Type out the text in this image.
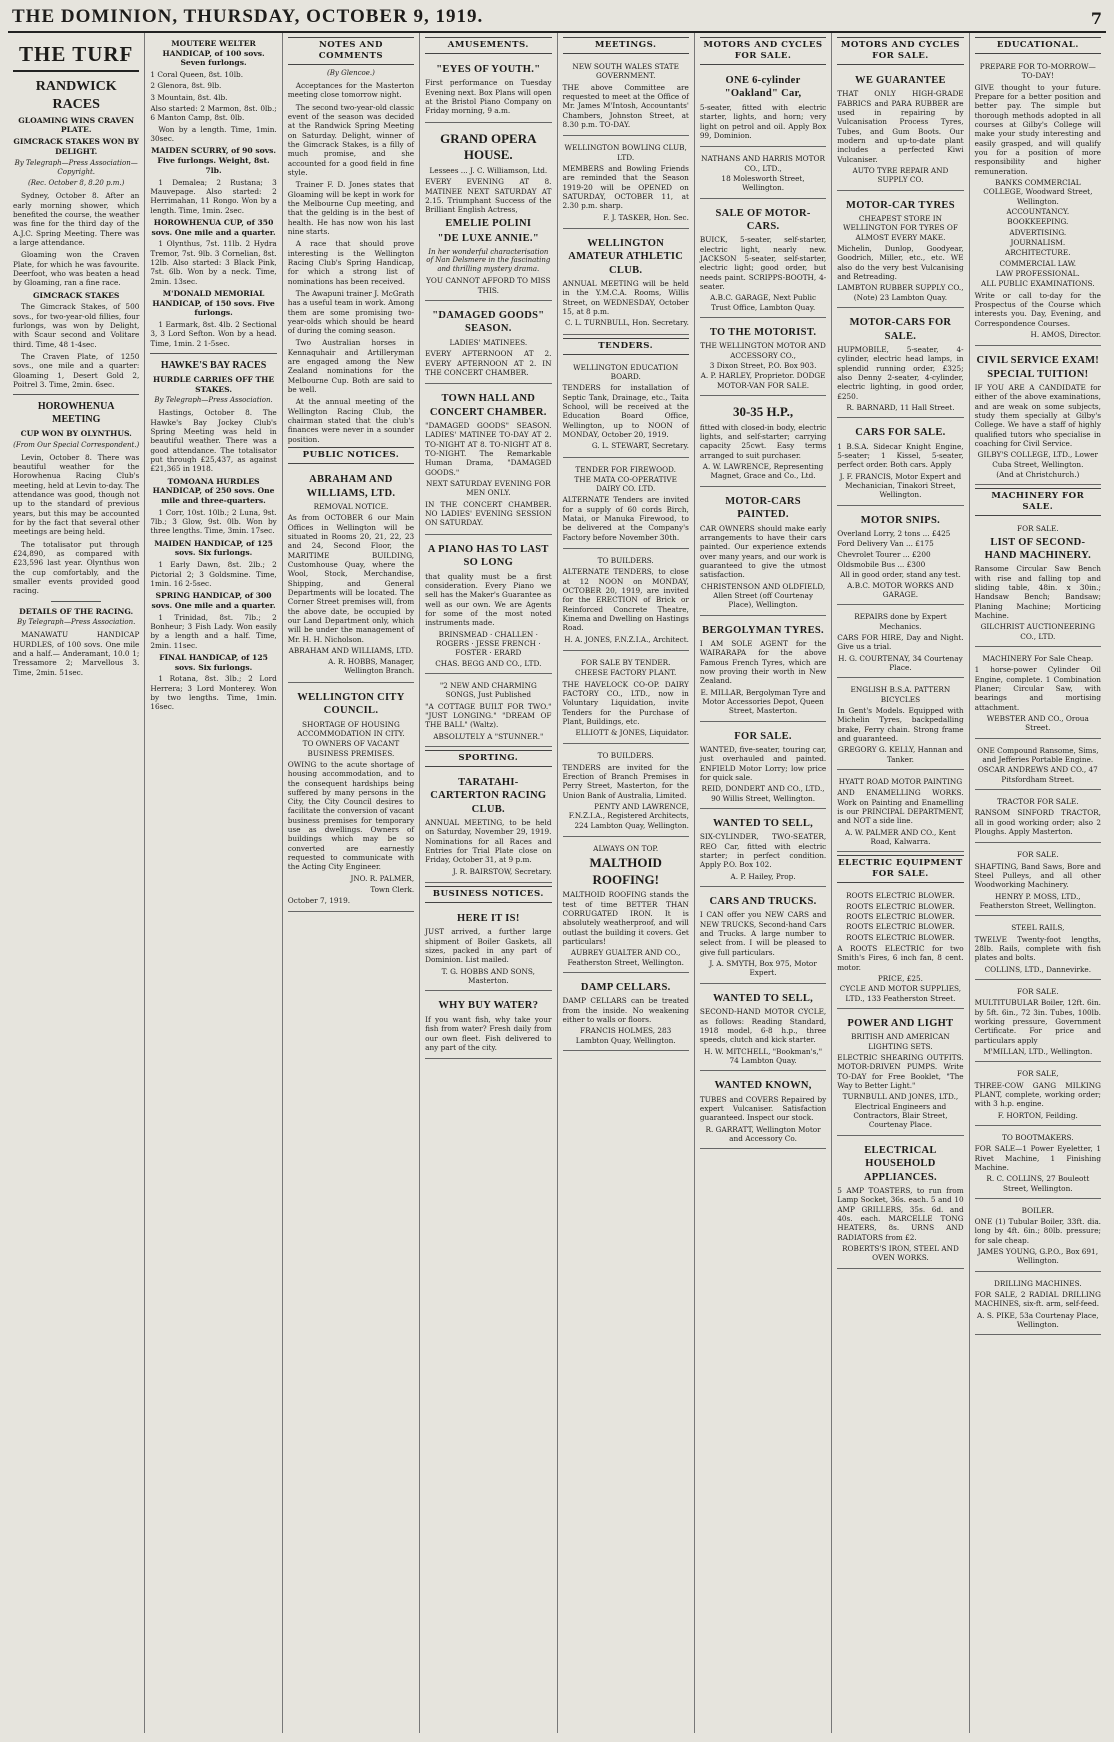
THE DOMINION, THURSDAY, OCTOBER 9, 1919.	7
THE TURF
RANDWICK RACES
GLOAMING WINS CRAVEN PLATE.
GIMCRACK STAKES WON BY DELIGHT.
By Telegraph—Press Association—Copyright.
(Rec. October 8, 8.20 p.m.)

Sydney, October 8. After an early morning shower, which benefited the course, the weather was fine for the third day of the A.J.C. Spring Meeting. There was a large attendance.

Gloaming won the Craven Plate, for which he was favourite. Deerfoot, who was beaten a head by Gloaming, ran a fine race.

GIMCRACK STAKES

The Gimcrack Stakes, of 500 sovs., for two-year-old fillies, four furlongs, was won by Delight, with Scaur second and Volitare third. Time, 48 1-4sec.

The Craven Plate, of 1250 sovs., one mile and a quarter: Gloaming 1, Desert Gold 2, Poitrel 3. Time, 2min. 6sec.

HOROWHENUA MEETING
CUP WON BY OLYNTHUS.
(From Our Special Correspondent.)

Levin, October 8. There was beautiful weather for the Horowhenua Racing Club's meeting, held at Levin to-day. The attendance was good, though not up to the standard of previous years, but this may be accounted for by the fact that several other meetings are being held.

The totalisator put through £24,890, as compared with £23,596 last year. Olynthus won the cup comfortably, and the smaller events provided good racing.

DETAILS OF THE RACING.
By Telegraph—Press Association.

MANAWATU HANDICAP HURDLES, of 100 sovs. One mile and a half.— Anderamant, 10.0 1; Tressamore 2; Marvellous 3. Time, 2min. 51sec.

MOUTERE WELTER HANDICAP, of 100 sovs. Seven furlongs.
1 Coral Queen, 8st. 10lb.
2 Glenora, 8st. 9lb.
3 Mountain, 8st. 4lb.
Also started: 2 Marmon, 8st. 0lb.; 6 Manton Camp, 8st. 0lb.

Won by a length. Time, 1min. 30sec.

MAIDEN SCURRY, of 90 sovs. Five furlongs. Weight, 8st. 7lb.

1 Demalea; 2 Rustana; 3 Mauvepage. Also started: 2 Herrimahan, 11 Rongo. Won by a length. Time, 1min. 2sec.

HOROWHENUA CUP, of 350 sovs. One mile and a quarter.

1 Olynthus, 7st. 11lb. 2 Hydra Tremor, 7st. 9lb. 3 Cornelian, 8st. 12lb. Also started: 3 Black Pink, 7st. 6lb. Won by a neck. Time, 2min. 13sec.

M'DONALD MEMORIAL HANDICAP, of 150 sovs. Five furlongs.

1 Earmark, 8st. 4lb. 2 Sectional 3, 3 Lord Sefton. Won by a head. Time, 1min. 2 1-5sec.

HAWKE'S BAY RACES
HURDLE CARRIES OFF THE STAKES.
By Telegraph—Press Association.

Hastings, October 8. The Hawke's Bay Jockey Club's Spring Meeting was held in beautiful weather. There was a good attendance. The totalisator put through £25,437, as against £21,365 in 1918.

TOMOANA HURDLES HANDICAP, of 250 sovs. One mile and three-quarters.

1 Corr, 10st. 10lb.; 2 Luna, 9st. 7lb.; 3 Glow, 9st. 0lb. Won by three lengths. Time, 3min. 17sec.

MAIDEN HANDICAP, of 125 sovs. Six furlongs.

1 Early Dawn, 8st. 2lb.; 2 Pictorial 2; 3 Goldsmine. Time, 1min. 16 2-5sec.

SPRING HANDICAP, of 300 sovs. One mile and a quarter.

1 Trinidad, 8st. 7lb.; 2 Bonheur; 3 Fish Lady. Won easily by a length and a half. Time, 2min. 11sec.

FINAL HANDICAP, of 125 sovs. Six furlongs.

1 Rotana, 8st. 3lb.; 2 Lord Herrera; 3 Lord Monterey. Won by two lengths. Time, 1min. 16sec.

NOTES AND COMMENTS
(By Glencoe.)

Acceptances for the Masterton meeting close tomorrow night.

The second two-year-old classic event of the season was decided at the Randwick Spring Meeting on Saturday. Delight, winner of the Gimcrack Stakes, is a filly of much promise, and she accounted for a good field in fine style.

Trainer F. D. Jones states that Gloaming will be kept in work for the Melbourne Cup meeting, and that the gelding is in the best of health. He has now won his last nine starts.

A race that should prove interesting is the Wellington Racing Club's Spring Handicap, for which a strong list of nominations has been received.

The Awapuni trainer J. McGrath has a useful team in work. Among them are some promising two-year-olds which should be heard of during the coming season.

Two Australian horses in Kennaquhair and Artilleryman are engaged among the New Zealand nominations for the Melbourne Cup. Both are said to be well.

At the annual meeting of the Wellington Racing Club, the chairman stated that the club's finances were never in a sounder position.

PUBLIC NOTICES.
ABRAHAM AND WILLIAMS, LTD.
REMOVAL NOTICE.
As from OCTOBER 6 our Main Offices in Wellington will be situated in Rooms 20, 21, 22, 23 and 24, Second Floor, the MARITIME BUILDING, Customhouse Quay, where the Wool, Stock, Merchandise, Shipping, and General Departments will be located. The Corner Street premises will, from the above date, be occupied by our Land Department only, which will be under the management of Mr. H. H. Nicholson.
ABRAHAM AND WILLIAMS, LTD.
A. R. HOBBS, Manager, Wellington Branch.
WELLINGTON CITY COUNCIL.
SHORTAGE OF HOUSING ACCOMMODATION IN CITY.
TO OWNERS OF VACANT BUSINESS PREMISES.
OWING to the acute shortage of housing accommodation, and to the consequent hardships being suffered by many persons in the City, the City Council desires to facilitate the conversion of vacant business premises for temporary use as dwellings. Owners of buildings which may be so converted are earnestly requested to communicate with the Acting City Engineer.
JNO. R. PALMER,
Town Clerk.
October 7, 1919.
AMUSEMENTS.
"EYES OF YOUTH."
First performance on Tuesday Evening next. Box Plans will open at the Bristol Piano Company on Friday morning, 9 a.m.
GRAND OPERA HOUSE.
Lessees ... J. C. Williamson, Ltd.
EVERY EVENING AT 8. MATINEE NEXT SATURDAY AT 2.15. Triumphant Success of the Brilliant English Actress,
EMELIE POLINI
"DE LUXE ANNIE."
In her wonderful characterisation of Nan Delsmere in the fascinating and thrilling mystery drama.
YOU CANNOT AFFORD TO MISS THIS.
"DAMAGED GOODS" SEASON.
LADIES' MATINEES.
EVERY AFTERNOON AT 2. EVERY AFTERNOON AT 2. IN THE CONCERT CHAMBER.
TOWN HALL AND CONCERT CHAMBER.
"DAMAGED GOODS" SEASON. LADIES' MATINEE TO-DAY AT 2. TO-NIGHT AT 8. TO-NIGHT AT 8. TO-NIGHT. The Remarkable Human Drama, "DAMAGED GOODS."
NEXT SATURDAY EVENING FOR MEN ONLY.
IN THE CONCERT CHAMBER. NO LADIES' EVENING SESSION ON SATURDAY.
A PIANO HAS TO LAST SO LONG
that quality must be a first consideration. Every Piano we sell has the Maker's Guarantee as well as our own. We are Agents for some of the most noted instruments made.
BRINSMEAD · CHALLEN · ROGERS · JESSE FRENCH · FOSTER · ERARD
CHAS. BEGG AND CO., LTD.
"2 NEW AND CHARMING SONGS, Just Published
"A COTTAGE BUILT FOR TWO." "JUST LONGING." "DREAM OF THE BALL" (Waltz).
ABSOLUTELY A "STUNNER."
SPORTING.
TARATAHI-CARTERTON RACING CLUB.
ANNUAL MEETING, to be held on Saturday, November 29, 1919. Nominations for all Races and Entries for Trial Plate close on Friday, October 31, at 9 p.m.
J. R. BAIRSTOW, Secretary.
BUSINESS NOTICES.
HERE IT IS!
JUST arrived, a further large shipment of Boiler Gaskets, all sizes, packed in any part of Dominion. List mailed.
T. G. HOBBS AND SONS, Masterton.
WHY BUY WATER?
If you want fish, why take your fish from water? Fresh daily from our own fleet. Fish delivered to any part of the city.
MEETINGS.
NEW SOUTH WALES STATE GOVERNMENT.
THE above Committee are requested to meet at the Office of Mr. James M'Intosh, Accountants' Chambers, Johnston Street, at 8.30 p.m. TO-DAY.
WELLINGTON BOWLING CLUB, LTD.
MEMBERS and Bowling Friends are reminded that the Season 1919-20 will be OPENED on SATURDAY, OCTOBER 11, at 2.30 p.m. sharp.
F. J. TASKER, Hon. Sec.
WELLINGTON AMATEUR ATHLETIC CLUB.
ANNUAL MEETING will be held in the Y.M.C.A. Rooms, Willis Street, on WEDNESDAY, October 15, at 8 p.m.
C. L. TURNBULL, Hon. Secretary.
TENDERS.
WELLINGTON EDUCATION BOARD.
TENDERS for installation of Septic Tank, Drainage, etc., Taita School, will be received at the Education Board Office, Wellington, up to NOON of MONDAY, October 20, 1919.
G. L. STEWART, Secretary.
TENDER FOR FIREWOOD.
THE MATA CO-OPERATIVE DAIRY CO. LTD.
ALTERNATE Tenders are invited for a supply of 60 cords Birch, Matai, or Manuka Firewood, to be delivered at the Company's Factory before November 30th.
TO BUILDERS.
ALTERNATE TENDERS, to close at 12 NOON on MONDAY, OCTOBER 20, 1919, are invited for the ERECTION of Brick or Reinforced Concrete Theatre, Kinema and Dwelling on Hastings Road.
H. A. JONES, F.N.Z.I.A., Architect.
FOR SALE BY TENDER.
CHEESE FACTORY PLANT.
THE HAVELOCK CO-OP. DAIRY FACTORY CO., LTD., now in Voluntary Liquidation, invite Tenders for the Purchase of Plant, Buildings, etc.
ELLIOTT & JONES, Liquidator.
TO BUILDERS.
TENDERS are invited for the Erection of Branch Premises in Perry Street, Masterton, for the Union Bank of Australia, Limited.
PENTY AND LAWRENCE, F.N.Z.I.A., Registered Architects, 224 Lambton Quay, Wellington.
ALWAYS ON TOP.
MALTHOID ROOFING!
MALTHOID ROOFING stands the test of time BETTER THAN CORRUGATED IRON. It is absolutely weatherproof, and will outlast the building it covers. Get particulars!
AUBREY GUALTER AND CO., Featherston Street, Wellington.
DAMP CELLARS.
DAMP CELLARS can be treated from the inside. No weakening either to walls or floors.
FRANCIS HOLMES, 283 Lambton Quay, Wellington.
MOTORS AND CYCLES FOR SALE.
ONE 6-cylinder "Oakland" Car,
5-seater, fitted with electric starter, lights, and horn; very light on petrol and oil. Apply Box 99, Dominion.
NATHANS AND HARRIS MOTOR CO., LTD.,
18 Molesworth Street, Wellington.
SALE OF MOTOR-CARS.
BUICK, 5-seater, self-starter, electric light, nearly new. JACKSON 5-seater, self-starter, electric light; good order, but needs paint. SCRIPPS-BOOTH, 4-seater.
A.B.C. GARAGE, Next Public Trust Office, Lambton Quay.
TO THE MOTORIST.
THE WELLINGTON MOTOR AND ACCESSORY CO.,
3 Dixon Street, P.O. Box 903.
A. P. HARLEY, Proprietor. DODGE MOTOR-VAN FOR SALE.
30-35 H.P.,
fitted with closed-in body, electric lights, and self-starter; carrying capacity 25cwt. Easy terms arranged to suit purchaser.
A. W. LAWRENCE, Representing Magnet, Grace and Co., Ltd.
MOTOR-CARS PAINTED.
CAR OWNERS should make early arrangements to have their cars painted. Our experience extends over many years, and our work is guaranteed to give the utmost satisfaction.
CHRISTENSON AND OLDFIELD, Allen Street (off Courtenay Place), Wellington.
BERGOLYMAN TYRES.
I AM SOLE AGENT for the WAIRARAPA for the above Famous French Tyres, which are now proving their worth in New Zealand.
E. MILLAR, Bergolyman Tyre and Motor Accessories Depot, Queen Street, Masterton.
FOR SALE.
WANTED, five-seater, touring car, just overhauled and painted. ENFIELD Motor Lorry; low price for quick sale.
REID, DONDERT AND CO., LTD., 90 Willis Street, Wellington.
WANTED TO SELL,
SIX-CYLINDER, TWO-SEATER, REO Car, fitted with electric starter; in perfect condition. Apply P.O. Box 102.
A. P. Hailey, Prop.
CARS AND TRUCKS.
I CAN offer you NEW CARS and NEW TRUCKS, Second-hand Cars and Trucks. A large number to select from. I will be pleased to give full particulars.
J. A. SMYTH, Box 975, Motor Expert.
WANTED TO SELL,
SECOND-HAND MOTOR CYCLE, as follows: Reading Standard, 1918 model, 6-8 h.p., three speeds, clutch and kick starter.
H. W. MITCHELL, "Bookman's," 74 Lambton Quay.
WANTED KNOWN,
TUBES and COVERS Repaired by expert Vulcaniser. Satisfaction guaranteed. Inspect our stock.
R. GARRATT, Wellington Motor and Accessory Co.
MOTORS AND CYCLES FOR SALE.
WE GUARANTEE
THAT ONLY HIGH-GRADE FABRICS and PARA RUBBER are used in repairing by Vulcanisation Process Tyres, Tubes, and Gum Boots. Our modern and up-to-date plant includes a perfected Kiwi Vulcaniser.
AUTO TYRE REPAIR AND SUPPLY CO.
MOTOR-CAR TYRES
CHEAPEST STORE IN WELLINGTON FOR TYRES OF ALMOST EVERY MAKE.
Michelin, Dunlop, Goodyear, Goodrich, Miller, etc., etc. WE also do the very best Vulcanising and Retreading.
LAMBTON RUBBER SUPPLY CO., (Note) 23 Lambton Quay.
MOTOR-CARS FOR SALE.
HUPMOBILE, 5-seater, 4-cylinder, electric head lamps, in splendid running order, £325; also Denny 2-seater, 4-cylinder, electric lighting, in good order, £250.
R. BARNARD, 11 Hall Street.
CARS FOR SALE.
1 B.S.A. Sidecar Knight Engine, 5-seater; 1 Kissel, 5-seater, perfect order. Both cars. Apply
J. F. FRANCIS, Motor Expert and Mechanician, Tinakori Street, Wellington.
MOTOR SNIPS.
Overland Lorry, 2 tons ... £425
Ford Delivery Van ... £175
Chevrolet Tourer ... £200
Oldsmobile Bus ... £300
All in good order, stand any test.
A.B.C. MOTOR WORKS AND GARAGE.
REPAIRS done by Expert Mechanics.
CARS FOR HIRE, Day and Night. Give us a trial.
H. G. COURTENAY, 34 Courtenay Place.
ENGLISH B.S.A. PATTERN BICYCLES
In Gent's Models. Equipped with Michelin Tyres, backpedalling brake, Ferry chain. Strong frame and guaranteed.
GREGORY G. KELLY, Hannan and Tanker.
HYATT ROAD MOTOR PAINTING
AND ENAMELLING WORKS. Work on Painting and Enamelling is our PRINCIPAL DEPARTMENT, and NOT a side line.
A. W. PALMER AND CO., Kent Road, Kalwarra.
ELECTRIC EQUIPMENT FOR SALE.
ROOTS ELECTRIC BLOWER.
ROOTS ELECTRIC BLOWER.
ROOTS ELECTRIC BLOWER.
ROOTS ELECTRIC BLOWER.
ROOTS ELECTRIC BLOWER.
A ROOTS ELECTRIC for two Smith's Fires, 6 inch fan, 8 cent. motor.
PRICE, £25.
CYCLE AND MOTOR SUPPLIES, LTD., 133 Featherston Street.
POWER AND LIGHT
BRITISH AND AMERICAN LIGHTING SETS.
ELECTRIC SHEARING OUTFITS. MOTOR-DRIVEN PUMPS. Write TO-DAY for Free Booklet, "The Way to Better Light."
TURNBULL AND JONES, LTD., Electrical Engineers and Contractors, Blair Street, Courtenay Place.
ELECTRICAL HOUSEHOLD APPLIANCES.
5 AMP TOASTERS, to run from Lamp Socket, 36s. each. 5 and 10 AMP GRILLERS, 35s. 6d. and 40s. each. MARCELLE TONG HEATERS, 8s. URNS AND RADIATORS from £2.
ROBERTS'S IRON, STEEL AND OVEN WORKS.
EDUCATIONAL.
PREPARE FOR TO-MORROW— TO-DAY!
GIVE thought to your future. Prepare for a better position and better pay. The simple but thorough methods adopted in all courses at Gilby's College will make your study interesting and easily grasped, and will qualify you for a position of more responsibility and higher remuneration.
BANKS COMMERCIAL COLLEGE, Woodward Street, Wellington.
ACCOUNTANCY.
BOOKKEEPING.
ADVERTISING.
JOURNALISM.
ARCHITECTURE.
COMMERCIAL LAW.
LAW PROFESSIONAL.
ALL PUBLIC EXAMINATIONS.
Write or call to-day for the Prospectus of the Course which interests you. Day, Evening, and Correspondence Courses.
H. AMOS, Director.
CIVIL SERVICE EXAM! SPECIAL TUITION!
IF YOU ARE A CANDIDATE for either of the above examinations, and are weak on some subjects, study them specially at Gilby's College. We have a staff of highly qualified tutors who specialise in coaching for Civil Service.
GILBY'S COLLEGE, LTD., Lower Cuba Street, Wellington.
(And at Christchurch.)
MACHINERY FOR SALE.
FOR SALE.
LIST OF SECOND-HAND MACHINERY.
Ransome Circular Saw Bench with rise and falling top and sliding table, 48in. x 30in.; Handsaw Bench; Bandsaw; Planing Machine; Morticing Machine.
GILCHRIST AUCTIONEERING CO., LTD.
MACHINERY For Sale Cheap.
1 horse-power Cylinder Oil Engine, complete. 1 Combination Planer; Circular Saw, with bearings and mortising attachment.
WEBSTER AND CO., Oroua Street.
ONE Compound Ransome, Sims, and Jefferies Portable Engine.
OSCAR ANDREWS AND CO., 47 Pitsfordham Street.
TRACTOR FOR SALE.
RANSOM SINFORD TRACTOR, all in good working order; also 2 Ploughs. Apply Masterton.
FOR SALE.
SHAFTING, Band Saws, Bore and Steel Pulleys, and all other Woodworking Machinery.
HENRY P. MOSS, LTD., Featherston Street, Wellington.
STEEL RAILS,
TWELVE Twenty-foot lengths, 28lb. Rails, complete with fish plates and bolts.
COLLINS, LTD., Dannevirke.
FOR SALE.
MULTITUBULAR Boiler, 12ft. 6in. by 5ft. 6in., 72 3in. Tubes, 100lb. working pressure, Government Certificate. For price and particulars apply
M'MILLAN, LTD., Wellington.
FOR SALE,
THREE-COW GANG MILKING PLANT, complete, working order; with 3 h.p. engine.
F. HORTON, Feilding.
TO BOOTMAKERS.
FOR SALE—1 Power Eyeletter, 1 Rivet Machine, 1 Finishing Machine.
R. C. COLLINS, 27 Bouleott Street, Wellington.
BOILER.
ONE (1) Tubular Boiler, 33ft. dia. long by 4ft. 6in.; 80lb. pressure; for sale cheap.
JAMES YOUNG, G.P.O., Box 691, Wellington.
DRILLING MACHINES.
FOR SALE, 2 RADIAL DRILLING MACHINES, six-ft. arm, self-feed.
A. S. PIKE, 53a Courtenay Place, Wellington.
